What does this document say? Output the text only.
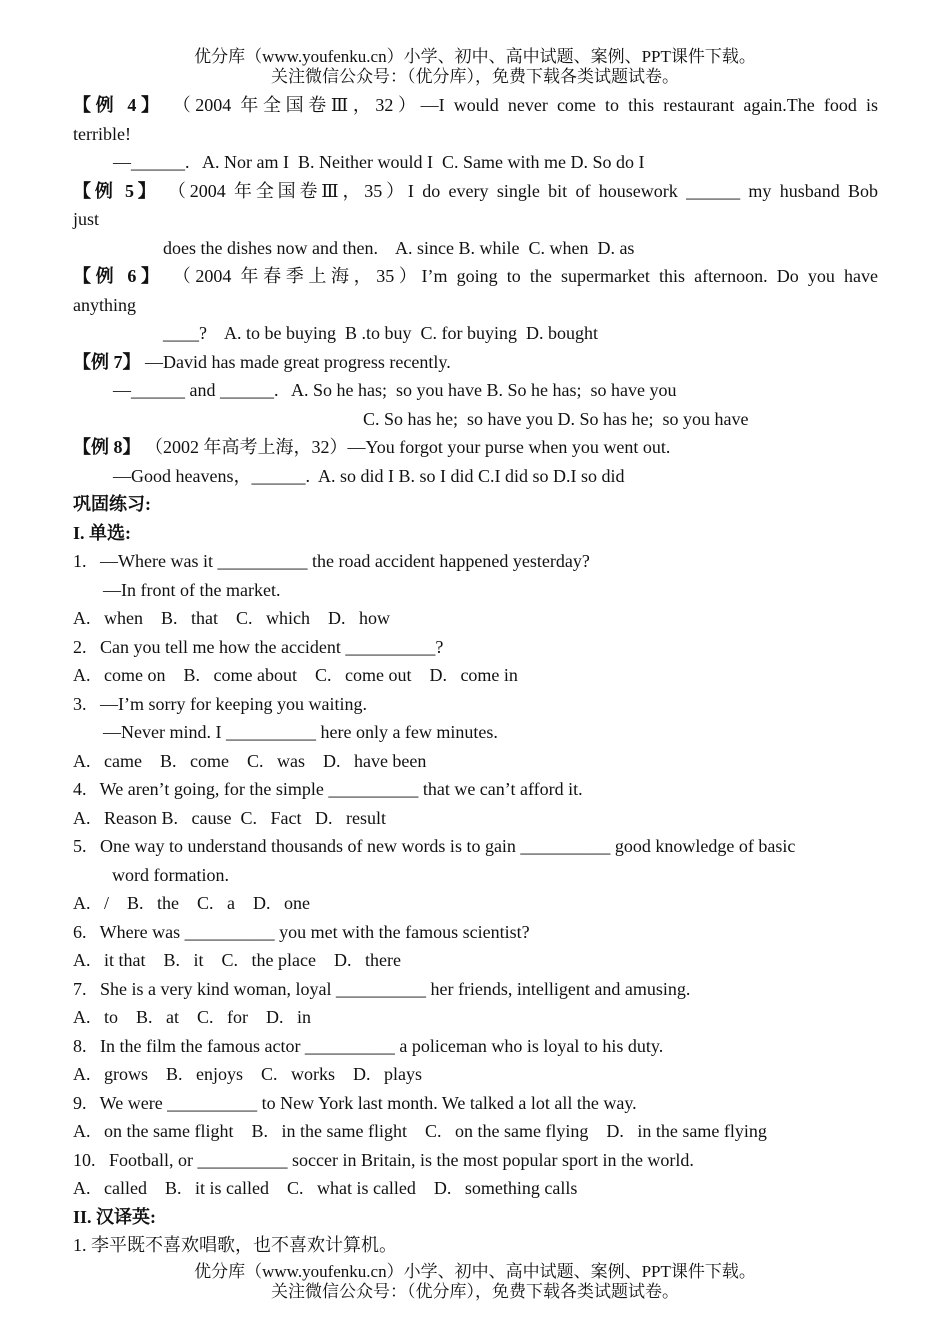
优分库（www.youfenku.cn）小学、初中、高中试题、案例、PPT课件下载。
关注微信公众号：（优分库），免费下载各类试题试卷。
【例 4】 （2004 年全国卷Ⅲ，32）—I would never come to this restaurant again.The food is
terrible!
—______.   A. Nor am I  B. Neither would I  C. Same with me D. So do I
【例 5】 （2004 年全国卷Ⅲ，35）I do every single bit of housework ______ my husband Bob
just
does the dishes now and then.    A. since B. while  C. when  D. as
【例 6】 （2004 年春季上海，35）I’m going to the supermarket this afternoon. Do you have
anything
____?    A. to be buying  B .to buy  C. for buying  D. bought
【例 7】 —David has made great progress recently.
—______ and ______.   A. So he has;  so you have B. So he has;  so have you
C. So has he;  so have you D. So has he;  so you have
【例 8】 （2002 年高考上海，32）—You forgot your purse when you went out.
—Good heavens，______.  A. so did I B. so I did C.I did so D.I so did
巩固练习:
I. 单选:
1.   —Where was it __________ the road accident happened yesterday?
—In front of the market.
A.   when    B.   that    C.   which    D.   how
2.   Can you tell me how the accident __________?
A.   come on    B.   come about    C.   come out    D.   come in
3.   —I’m sorry for keeping you waiting.
—Never mind. I __________ here only a few minutes.
A.   came    B.   come    C.   was    D.   have been
4.   We aren’t going, for the simple __________ that we can’t afford it.
A.   Reason B.   cause  C.   Fact   D.   result
5.   One way to understand thousands of new words is to gain __________ good knowledge of basic
word formation.
A.   /    B.   the    C.   a    D.   one
6.   Where was __________ you met with the famous scientist?
A.   it that    B.   it    C.   the place    D.   there
7.   She is a very kind woman, loyal __________ her friends, intelligent and amusing.
A.   to    B.   at    C.   for    D.   in
8.   In the film the famous actor __________ a policeman who is loyal to his duty.
A.   grows    B.   enjoys    C.   works    D.   plays
9.   We were __________ to New York last month. We talked a lot all the way.
A.   on the same flight    B.   in the same flight    C.   on the same flying    D.   in the same flying
10.   Football, or __________ soccer in Britain, is the most popular sport in the world.
A.   called    B.   it is called    C.   what is called    D.   something calls
II. 汉译英:
1. 李平既不喜欢唱歌，也不喜欢计算机。
优分库（www.youfenku.cn）小学、初中、高中试题、案例、PPT课件下载。
关注微信公众号：（优分库），免费下载各类试题试卷。
